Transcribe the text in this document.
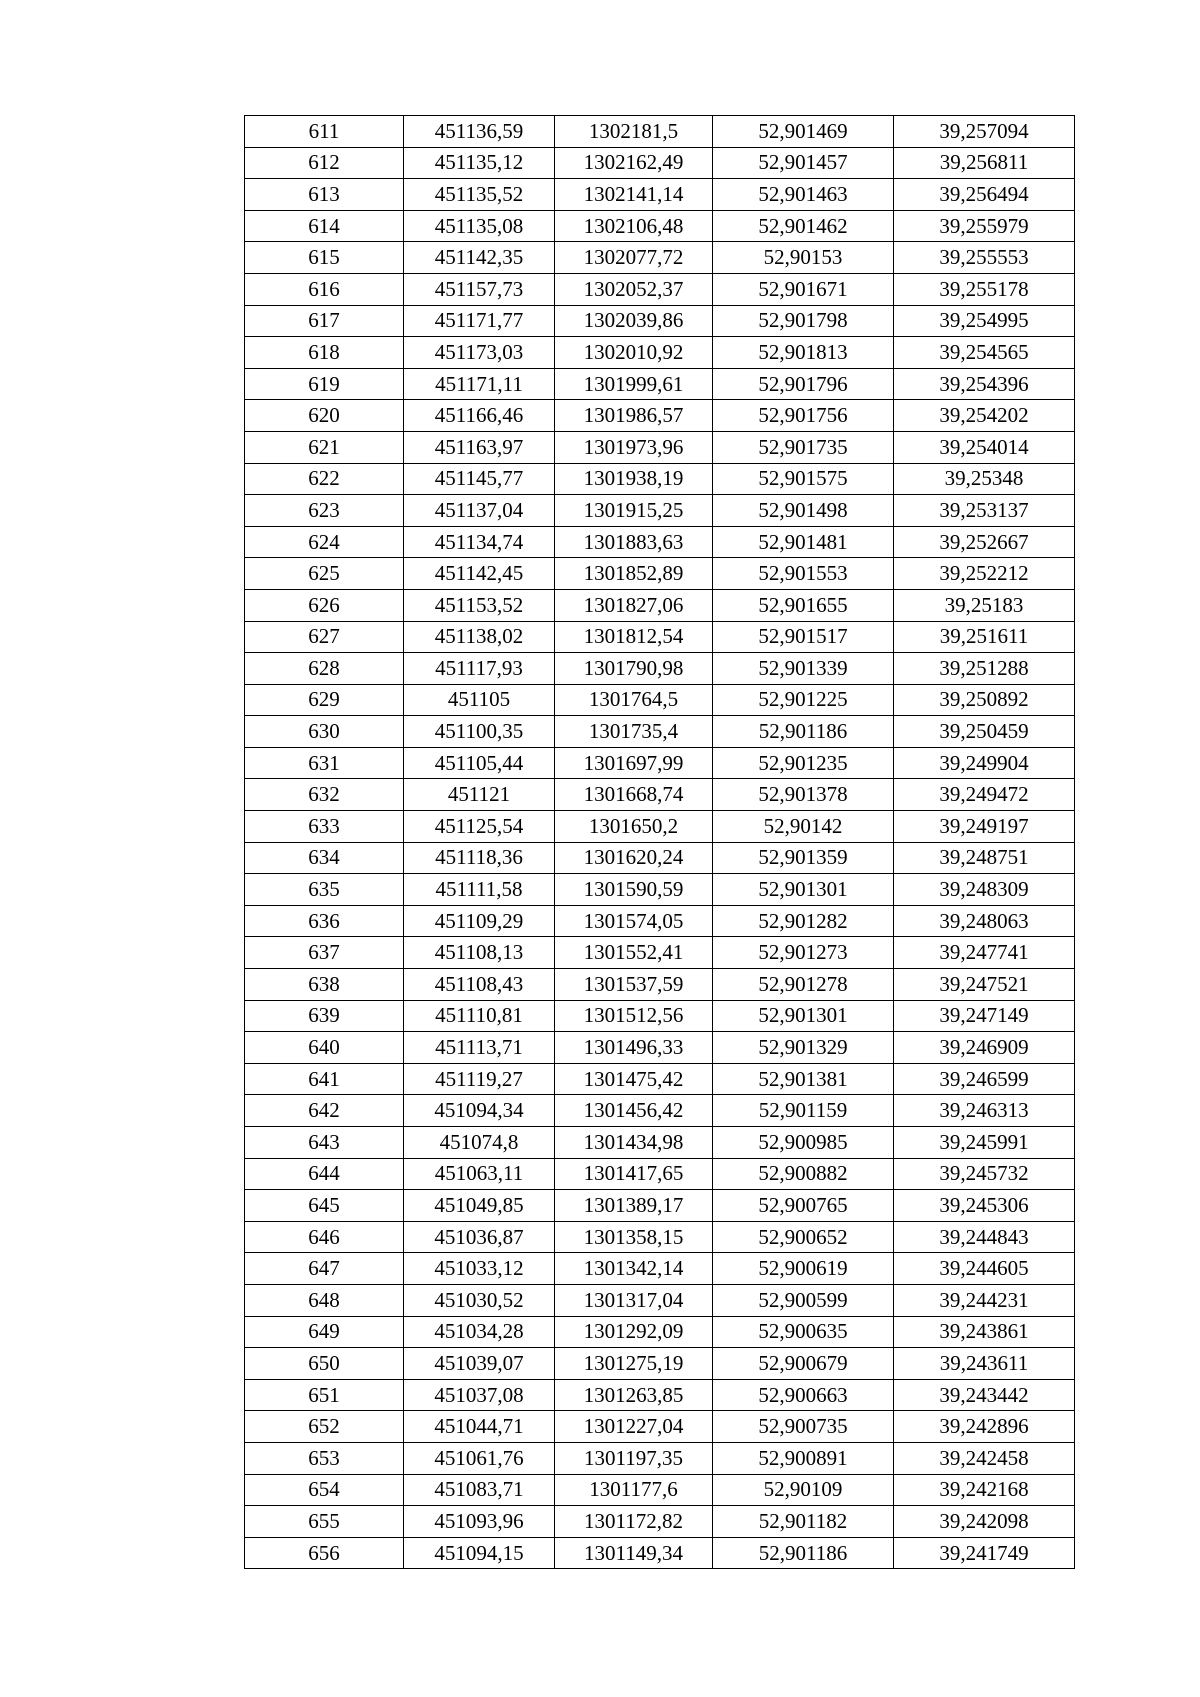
611	451136,59	1302181,5	52,901469	39,257094
612	451135,12	1302162,49	52,901457	39,256811
613	451135,52	1302141,14	52,901463	39,256494
614	451135,08	1302106,48	52,901462	39,255979
615	451142,35	1302077,72	52,90153	39,255553
616	451157,73	1302052,37	52,901671	39,255178
617	451171,77	1302039,86	52,901798	39,254995
618	451173,03	1302010,92	52,901813	39,254565
619	451171,11	1301999,61	52,901796	39,254396
620	451166,46	1301986,57	52,901756	39,254202
621	451163,97	1301973,96	52,901735	39,254014
622	451145,77	1301938,19	52,901575	39,25348
623	451137,04	1301915,25	52,901498	39,253137
624	451134,74	1301883,63	52,901481	39,252667
625	451142,45	1301852,89	52,901553	39,252212
626	451153,52	1301827,06	52,901655	39,25183
627	451138,02	1301812,54	52,901517	39,251611
628	451117,93	1301790,98	52,901339	39,251288
629	451105	1301764,5	52,901225	39,250892
630	451100,35	1301735,4	52,901186	39,250459
631	451105,44	1301697,99	52,901235	39,249904
632	451121	1301668,74	52,901378	39,249472
633	451125,54	1301650,2	52,90142	39,249197
634	451118,36	1301620,24	52,901359	39,248751
635	451111,58	1301590,59	52,901301	39,248309
636	451109,29	1301574,05	52,901282	39,248063
637	451108,13	1301552,41	52,901273	39,247741
638	451108,43	1301537,59	52,901278	39,247521
639	451110,81	1301512,56	52,901301	39,247149
640	451113,71	1301496,33	52,901329	39,246909
641	451119,27	1301475,42	52,901381	39,246599
642	451094,34	1301456,42	52,901159	39,246313
643	451074,8	1301434,98	52,900985	39,245991
644	451063,11	1301417,65	52,900882	39,245732
645	451049,85	1301389,17	52,900765	39,245306
646	451036,87	1301358,15	52,900652	39,244843
647	451033,12	1301342,14	52,900619	39,244605
648	451030,52	1301317,04	52,900599	39,244231
649	451034,28	1301292,09	52,900635	39,243861
650	451039,07	1301275,19	52,900679	39,243611
651	451037,08	1301263,85	52,900663	39,243442
652	451044,71	1301227,04	52,900735	39,242896
653	451061,76	1301197,35	52,900891	39,242458
654	451083,71	1301177,6	52,90109	39,242168
655	451093,96	1301172,82	52,901182	39,242098
656	451094,15	1301149,34	52,901186	39,241749
